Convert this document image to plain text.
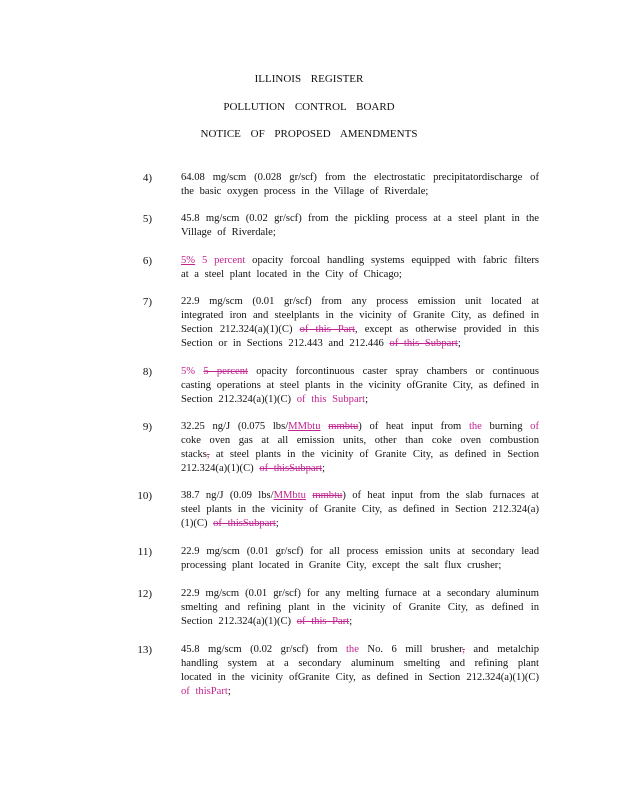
ILLINOIS REGISTER
POLLUTION CONTROL BOARD
NOTICE OF PROPOSED AMENDMENTS
4)	64.08 mg/scm (0.028 gr/scf) from the electrostatic precipitatordischarge of the basic oxygen process in the Village of Riverdale;
5)	45.8 mg/scm (0.02 gr/scf) from the pickling process at a steel plant in the Village of Riverdale;
6)	5% 5 percent opacity forcoal handling systems equipped with fabric filters at a steel plant located in the City of Chicago;
7)	22.9 mg/scm (0.01 gr/scf) from any process emission unit located at integrated iron and steelplants in the vicinity of Granite City, as defined in Section 212.324(a)(1)(C) of this Part, except as otherwise provided in this Section or in Sections 212.443 and 212.446 of this Subpart;
8)	5% 5 percent opacity forcontinuous caster spray chambers or continuous casting operations at steel plants in the vicinity ofGranite City, as defined in Section 212.324(a)(1)(C) of this Subpart;
9)	32.25 ng/J (0.075 lbs/MMbtu mmbtu) of heat input from the burning of coke oven gas at all emission units, other than coke oven combustion stacks, at steel plants in the vicinity of Granite City, as defined in Section 212.324(a)(1)(C) of thisSubpart;
10)	38.7 ng/J (0.09 lbs/MMbtu mmbtu) of heat input from the slab furnaces at steel plants in the vicinity of Granite City, as defined in Section 212.324(a)(1)(C) of thisSubpart;
11)	22.9 mg/scm (0.01 gr/scf) for all process emission units at secondary lead processing plant located in Granite City, except the salt flux crusher;
12)	22.9 mg/scm (0.01 gr/scf) for any melting furnace at a secondary aluminum smelting and refining plant in the vicinity of Granite City, as defined in Section 212.324(a)(1)(C) of this Part;
13)	45.8 mg/scm (0.02 gr/scf) from the No. 6 mill brusher, and metalchip handling system at a secondary aluminum smelting and refining plant located in the vicinity ofGranite City, as defined in Section 212.324(a)(1)(C) of thisPart;
